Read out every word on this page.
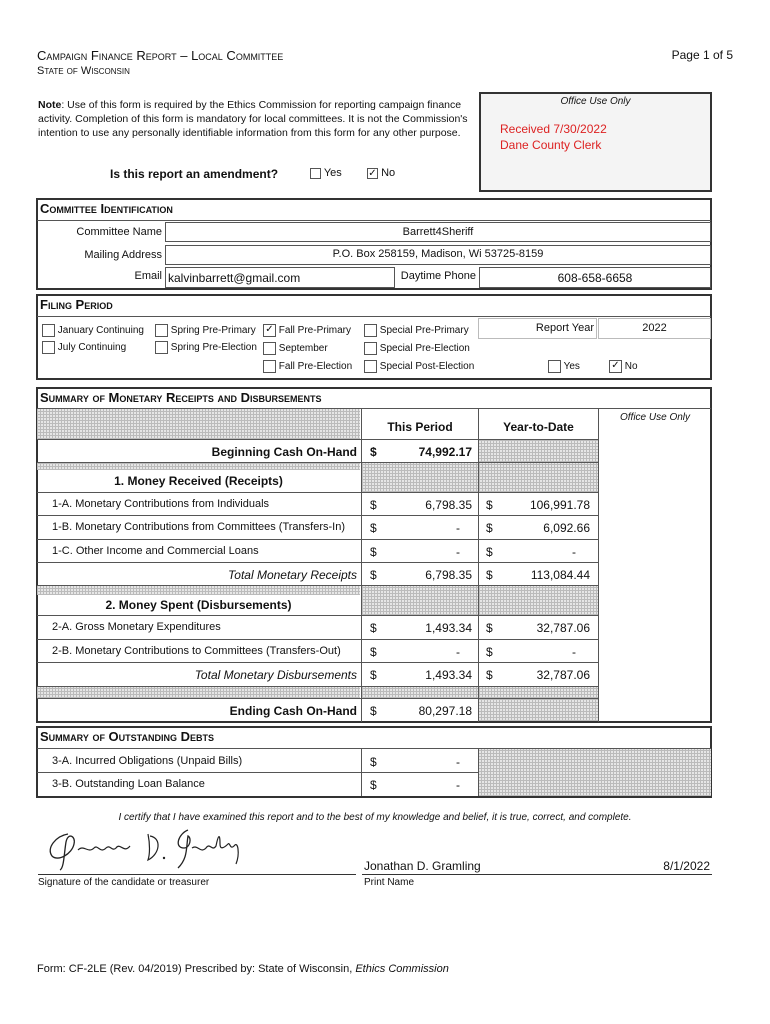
Campaign Finance Report – Local Committee
State of Wisconsin
Page 1 of 5
Note: Use of this form is required by the Ethics Commission for reporting campaign finance activity. Completion of this form is mandatory for local committees. It is not the Commission's intention to use any personally identifiable information from this form for any other purpose.
Office Use Only
Received 7/30/2022
Dane County Clerk
Is this report an amendment?	Yes	✓ No
Committee Identification
Committee Name	Barrett4Sheriff
Mailing Address	P.O. Box 258159, Madison, Wi 53725-8159
Email kalvinbarrett@gmail.com	Daytime Phone	608-658-6658
Filing Period
January Continuing
July Continuing
Spring Pre-Primary
Spring Pre-Election
✓ Fall Pre-Primary
September
Fall Pre-Election
Special Pre-Primary
Special Pre-Election
Special Post-Election
Report Year	2022
Yes	✓ No
Summary of Monetary Receipts and Disbursements
This Period	Year-to-Date
Office Use Only
Beginning Cash On-Hand $	74,992.17
1. Money Received (Receipts)
1-A. Monetary Contributions from Individuals	$	6,798.35 $	106,991.78
1-B. Monetary Contributions from Committees (Transfers-In) $	- $	6,092.66
1-C. Other Income and Commercial Loans	$	- $	-
Total Monetary Receipts $	6,798.35 $	113,084.44
2. Money Spent (Disbursements)
2-A. Gross Monetary Expenditures	$	1,493.34 $	32,787.06
2-B. Monetary Contributions to Committees (Transfers-Out) $	- $	-
Total Monetary Disbursements $	1,493.34 $	32,787.06
Ending Cash On-Hand $	80,297.18
Summary of Outstanding Debts
3-A. Incurred Obligations (Unpaid Bills)	$	-
3-B. Outstanding Loan Balance	$	-
I certify that I have examined this report and to the best of my knowledge and belief, it is true, correct, and complete.
Signature of the candidate or treasurer
Jonathan D. Gramling
Print Name
8/1/2022
Form: CF-2LE (Rev. 04/2019) Prescribed by: State of Wisconsin, Ethics Commission
